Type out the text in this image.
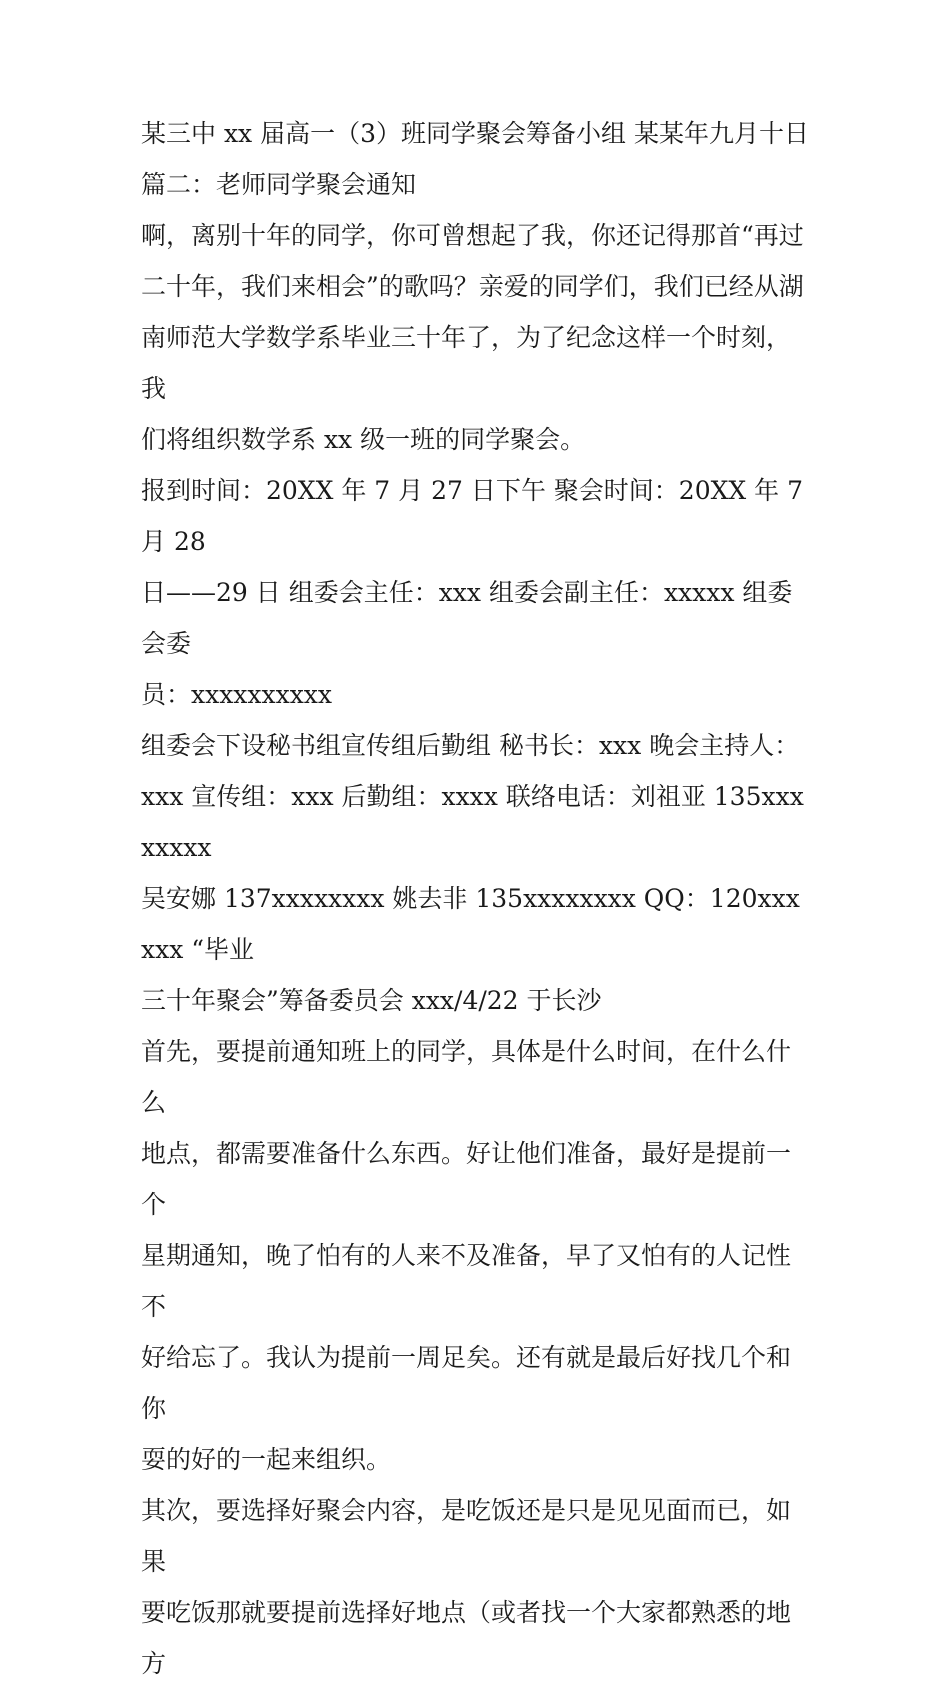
某三中 xx 届高一（3）班同学聚会筹备小组 某某年九月十日

篇二：老师同学聚会通知

啊，离别十年的同学，你可曾想起了我，你还记得那首“再过

二十年，我们来相会”的歌吗？亲爱的同学们，我们已经从湖

南师范大学数学系毕业三十年了，为了纪念这样一个时刻，我

们将组织数学系 xx 级一班的同学聚会。

报到时间：20XX 年 7 月 27 日下午 聚会时间：20XX 年 7 月 28

日——29 日 组委会主任：xxx 组委会副主任：xxxxx 组委会委

员：xxxxxxxxxx

组委会下设秘书组宣传组后勤组 秘书长：xxx 晚会主持人：

xxx 宣传组：xxx 后勤组：xxxx 联络电话：刘祖亚 135xxxxxxxx

吴安娜 137xxxxxxxx 姚去非 135xxxxxxxx QQ：120xxxxxx “毕业

三十年聚会”筹备委员会 xxx/4/22 于长沙

首先，要提前通知班上的同学，具体是什么时间，在什么什么

地点，都需要准备什么东西。好让他们准备，最好是提前一个

星期通知，晚了怕有的人来不及准备，早了又怕有的人记性不

好给忘了。我认为提前一周足矣。还有就是最后好找几个和你

耍的好的一起来组织。

其次，要选择好聚会内容，是吃饭还是只是见见面而已，如果

要吃饭那就要提前选择好地点（或者找一个大家都熟悉的地方
